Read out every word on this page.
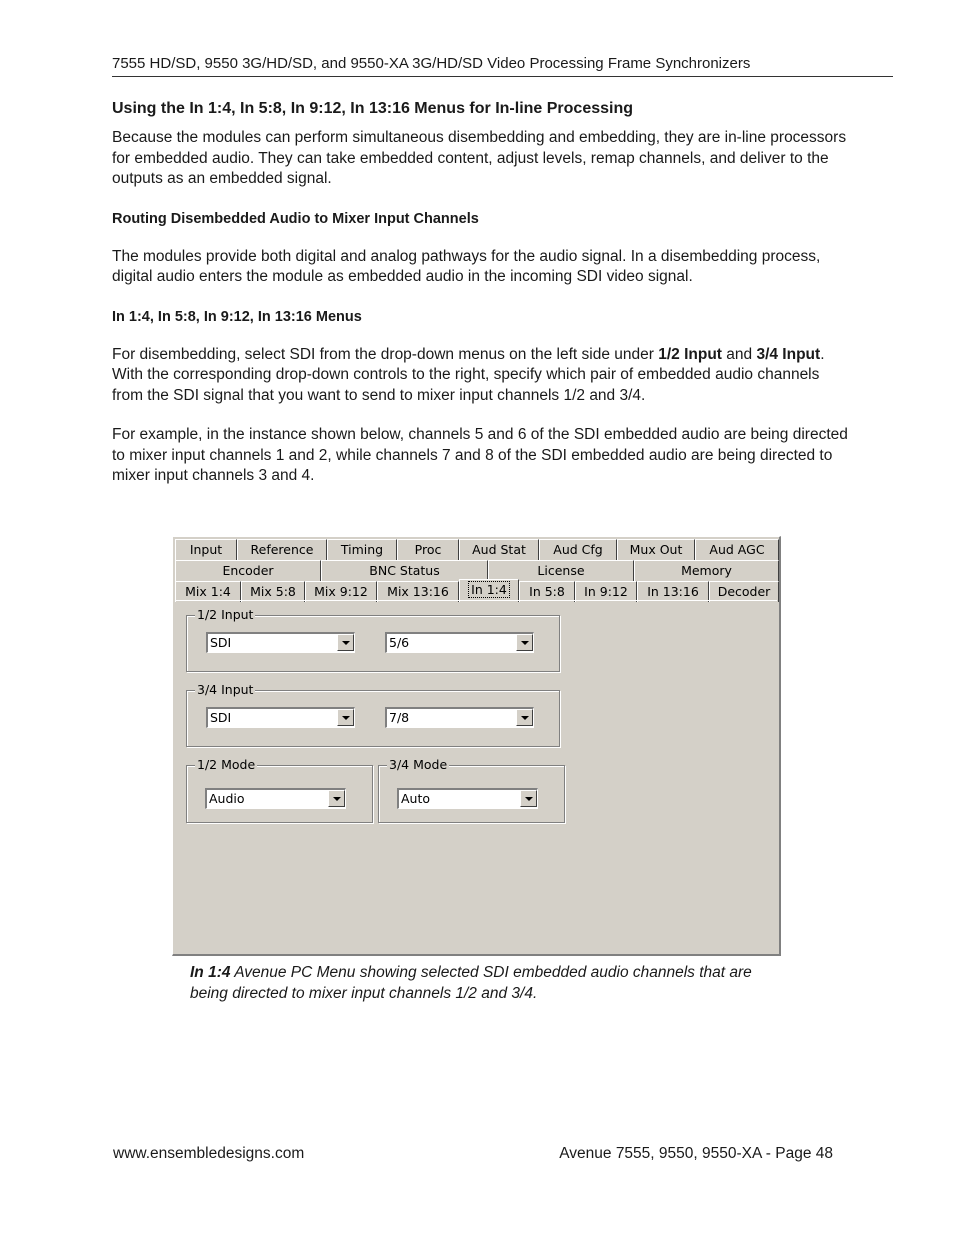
7555 HD/SD, 9550 3G/HD/SD, and 9550-XA 3G/HD/SD Video Processing Frame Synchronizers
Using the In 1:4, In 5:8, In 9:12, In 13:16 Menus for In-line Processing

Because the modules can perform simultaneous disembedding and embedding, they are in-line processors for embedded audio. They can take embedded content, adjust levels, remap channels, and deliver to the outputs as an embedded signal.

Routing Disembedded Audio to Mixer Input Channels

The modules provide both digital and analog pathways for the audio signal. In a disembedding process, digital audio enters the module as embedded audio in the incoming SDI video signal.

In 1:4, In 5:8, In 9:12, In 13:16 Menus

For disembedding, select SDI from the drop-down menus on the left side under 1/2 Input and 3/4 Input. With the corresponding drop-down controls to the right, specify which pair of embedded audio channels from the SDI signal that you want to send to mixer input channels 1/2 and 3/4.

For example, in the instance shown below, channels 5 and 6 of the SDI embedded audio are being directed to mixer input channels 1 and 2, while channels 7 and 8 of the SDI embedded audio are being directed to mixer input channels 3 and 4.

Input	Reference	Timing	Proc	Aud Stat	Aud Cfg	Mux Out	Aud AGC
Encoder	BNC Status	License	Memory
Mix 1:4	Mix 5:8	Mix 9:12	Mix 13:16	In 1:4	In 5:8	In 9:12	In 13:16	Decoder
1/2 Input
SDI	5/6
3/4 Input
SDI	7/8
1/2 Mode
Audio
3/4 Mode
Auto
In 1:4 Avenue PC Menu showing selected SDI embedded audio channels that are being directed to mixer input channels 1/2 and 3/4.
www.ensembledesigns.com	Avenue 7555, 9550, 9550-XA - Page 48
